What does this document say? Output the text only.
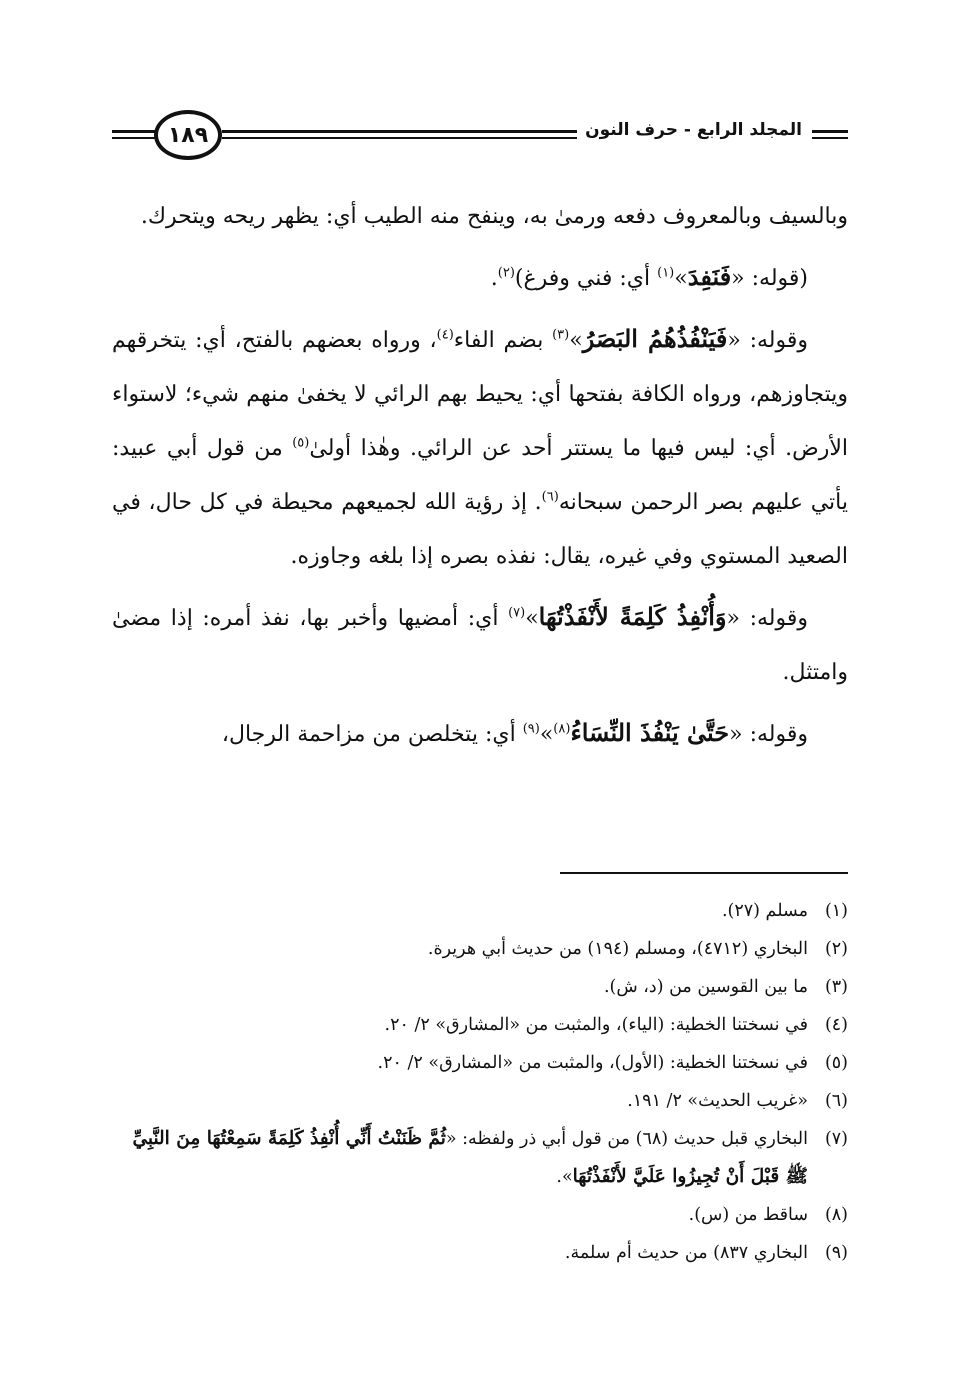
١٨٩	المجلد الرابع - حرف النون

وبالسيف وبالمعروف دفعه ورمىٰ به، وينفح منه الطيب أي: يظهر ريحه ويتحرك.

(قوله: «فَنَفِدَ»$^{(١)}$ أي: فني وفرغ)$^{(٢)}$.

وقوله: «فَيَنْفُذُهُمُ البَصَرُ»$^{(٣)}$ بضم الفاء$^{(٤)}$، ورواه بعضهم بالفتح، أي: يتخرقهم ويتجاوزهم، ورواه الكافة بفتحها أي: يحيط بهم الرائي لا يخفىٰ منهم شيء؛ لاستواء الأرض. أي: ليس فيها ما يستتر أحد عن الرائي. وهٰذا أولىٰ$^{(٥)}$ من قول أبي عبيد: يأتي عليهم بصر الرحمن سبحانه$^{(٦)}$. إذ رؤية الله لجميعهم محيطة في كل حال، في الصعيد المستوي وفي غيره، يقال: نفذه بصره إذا بلغه وجاوزه.

وقوله: «وَأُنْفِذُ كَلِمَةً لأَنْفَذْتُهَا»$^{(٧)}$ أي: أمضيها وأخبر بها، نفذ أمره: إذا مضىٰ وامتثل.

وقوله: «حَتَّىٰ يَنْفُذَ النِّسَاءُ$^{(٨)}$»$^{(٩)}$ أي: يتخلصن من مزاحمة الرجال،

(١)
مسلم (٢٧).
(٢)
البخاري (٤٧١٢)، ومسلم (١٩٤) من حديث أبي هريرة.
(٣)
ما بين القوسين من (د، ش).
(٤)
في نسختنا الخطية: (الياء)، والمثبت من «المشارق» ٢/ ٢٠.
(٥)
في نسختنا الخطية: (الأول)، والمثبت من «المشارق» ٢/ ٢٠.
(٦)
«غريب الحديث» ٢/ ١٩١.
(٧)
البخاري قبل حديث (٦٨) من قول أبي ذر ولفظه: «ثُمَّ ظَنَنْتُ أَنِّي أُنْفِذُ كَلِمَةً سَمِعْتُهَا مِنَ النَّبِيِّ ﷺ قَبْلَ أَنْ تُجِيزُوا عَلَيَّ لأَنْفَذْتُهَا».
(٨)
ساقط من (س).
(٩)
البخاري ٨٣٧) من حديث أم سلمة.
